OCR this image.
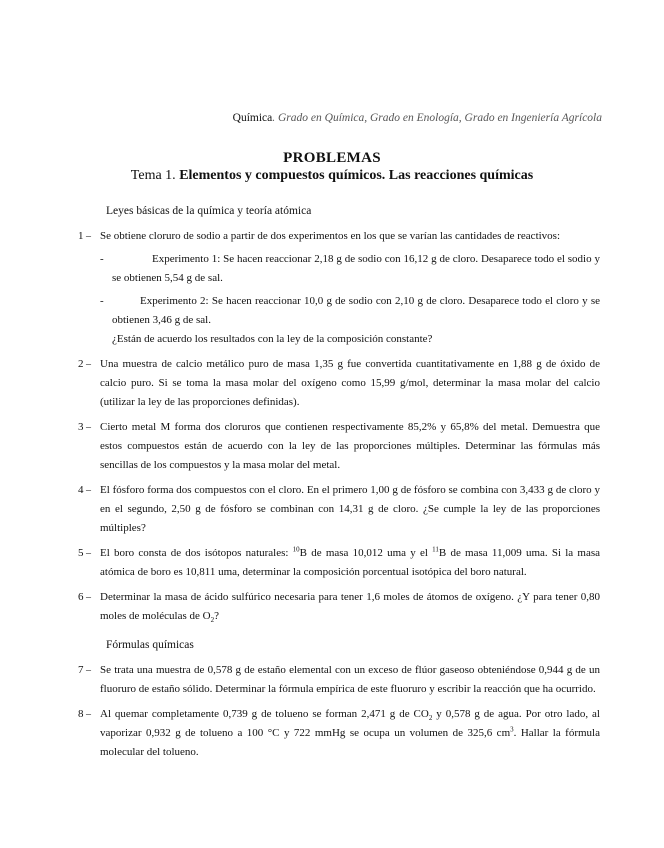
Química. Grado en Química, Grado en Enología, Grado en Ingeniería Agrícola
PROBLEMAS
Tema 1. Elementos y compuestos químicos. Las reacciones químicas
Leyes básicas de la química y teoría atómica
1 –	Se obtiene cloruro de sodio a partir de dos experimentos en los que se varían las cantidades de reactivos:
-	Experimento 1: Se hacen reaccionar 2,18 g de sodio con 16,12 g de cloro. Desaparece todo el sodio y se obtienen 5,54 g de sal.
-	Experimento 2: Se hacen reaccionar 10,0 g de sodio con 2,10 g de cloro. Desaparece todo el cloro y se obtienen 3,46 g de sal.
¿Están de acuerdo los resultados con la ley de la composición constante?
2 –	Una muestra de calcio metálico puro de masa 1,35 g fue convertida cuantitativamente en 1,88 g de óxido de calcio puro. Si se toma la masa molar del oxígeno como 15,99 g/mol, determinar la masa molar del calcio (utilizar la ley de las proporciones definidas).
3 –	Cierto metal M forma dos cloruros que contienen respectivamente 85,2% y 65,8% del metal. Demuestra que estos compuestos están de acuerdo con la ley de las proporciones múltiples. Determinar las fórmulas más sencillas de los compuestos y la masa molar del metal.
4 –	El fósforo forma dos compuestos con el cloro. En el primero 1,00 g de fósforo se combina con 3,433 g de cloro y en el segundo, 2,50 g de fósforo se combinan con 14,31 g de cloro. ¿Se cumple la ley de las proporciones múltiples?
5 –	El boro consta de dos isótopos naturales: $^{10}$B de masa 10,012 uma y el $^{11}$B de masa 11,009 uma. Si la masa atómica de boro es 10,811 uma, determinar la composición porcentual isotópica del boro natural.
6 –	Determinar la masa de ácido sulfúrico necesaria para tener 1,6 moles de átomos de oxígeno. ¿Y para tener 0,80 moles de moléculas de $O_2$?
Fórmulas químicas
7 –	Se trata una muestra de 0,578 g de estaño elemental con un exceso de flúor gaseoso obteniéndose 0,944 g de un fluoruro de estaño sólido. Determinar la fórmula empírica de este fluoruro y escribir la reacción que ha ocurrido.
8 –	Al quemar completamente 0,739 g de tolueno se forman 2,471 g de $CO_2$ y 0,578 g de agua. Por otro lado, al vaporizar 0,932 g de tolueno a 100 °C y 722 mmHg se ocupa un volumen de 325,6 $cm^3$. Hallar la fórmula molecular del tolueno.
